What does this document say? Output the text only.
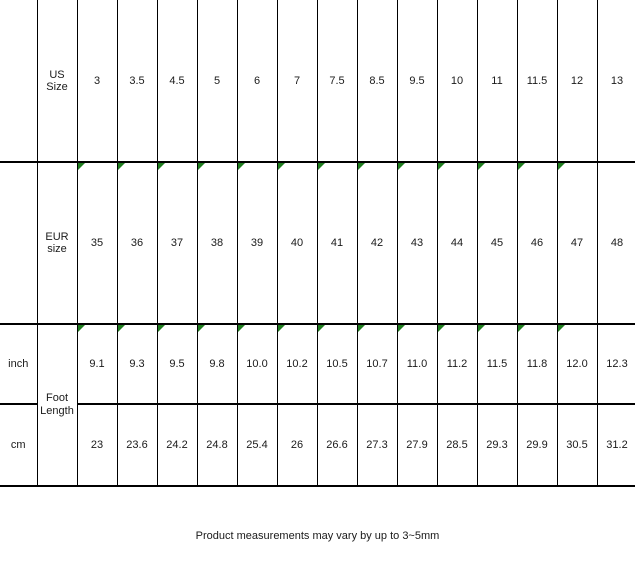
	US Size	3	3.5	4.5	5	6	7	7.5	8.5	9.5	10	11	11.5	12	13
	EUR size	35	36	37	38	39	40	41	42	43	44	45	46	47	48
inch	Foot Length	9.1	9.3	9.5	9.8	10.0	10.2	10.5	10.7	11.0	11.2	11.5	11.8	12.0	12.3
cm		23	23.6	24.2	24.8	25.4	26	26.6	27.3	27.9	28.5	29.3	29.9	30.5	31.2
Product measurements may vary by up to 3~5mm
